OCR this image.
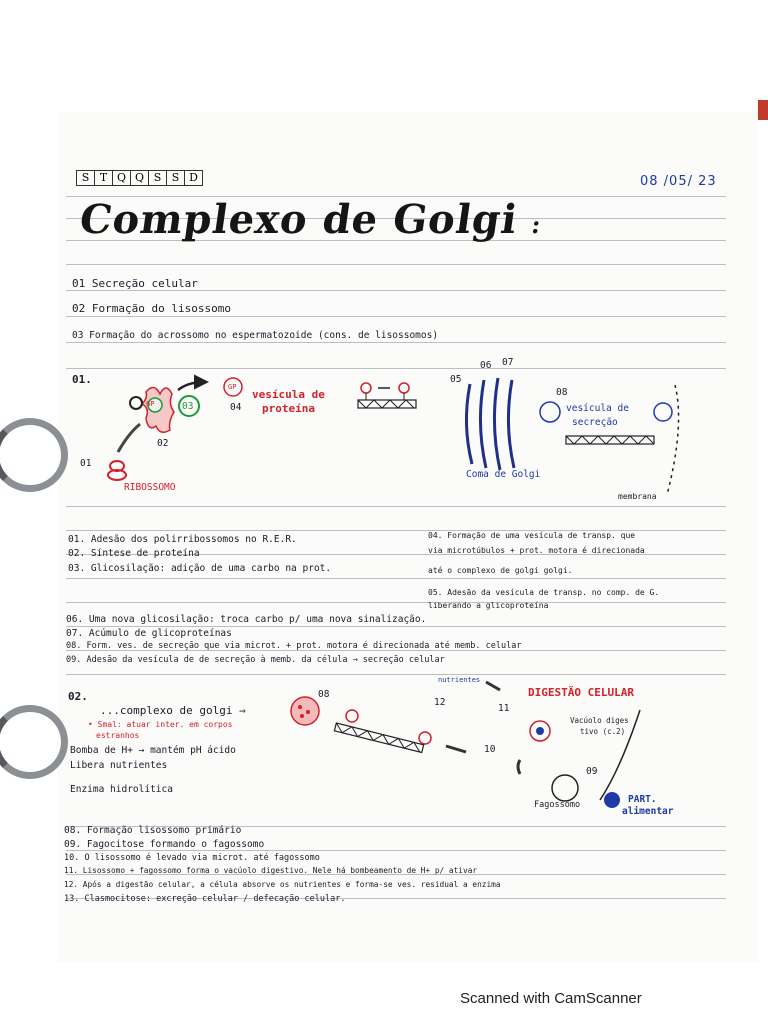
S T Q Q S S D	08 /05/ 23
Complexo de Golgi :
01 Secreção celular
02 Formação do lisossomo
03 Formação do acrossomo no espermatozoide (cons. de lisossomos)
01.
RIBOSSOMO
GP
GP
vesícula de
proteína
Coma de Golgi
vesícula de
secreção
membrana
01
02
03	04
05
06 07
08
01. Adesão dos polirribossomos no R.E.R.
02. Síntese de proteína
03. Glicosilação: adição de uma carbo na prot.
04. Formação de uma vesícula de transp. que
via microtúbulos + prot. motora é direcionada
até o complexo de golgi golgi.
05. Adesão da vesícula de transp. no comp. de G.
liberando a glicoproteína
06. Uma nova glicosilação: troca carbo p/ uma nova sinalização.
07. Acúmulo de glicoproteínas
08. Form. ves. de secreção que via microt. + prot. motora é direcionada até memb. celular
09. Adesão da vesícula de de secreção à memb. da célula → secreção celular
02.
...complexo de golgi ⇒
• Smal: atuar inter. em corpos
estranhos
Bomba de H+ → mantém pH ácido
Libera nutrientes
Enzima hidrolítica
nutrientes
DIGESTÃO CELULAR
Vacúolo diges
tivo (c.2)
Fagossomo	PART.
alimentar
08
09
10
11
12
08. Formação lisossomo primário
09. Fagocitose formando o fagossomo
10. O lisossomo é levado via microt. até fagossomo
11. Lisossomo + fagossomo forma o vacúolo digestivo. Nele há bombeamento de H+ p/ ativar
12. Após a digestão celular, a célula absorve os nutrientes e forma-se ves. residual a enzima
13. Clasmocitose: excreção celular / defecação celular.
Scanned with CamScanner
